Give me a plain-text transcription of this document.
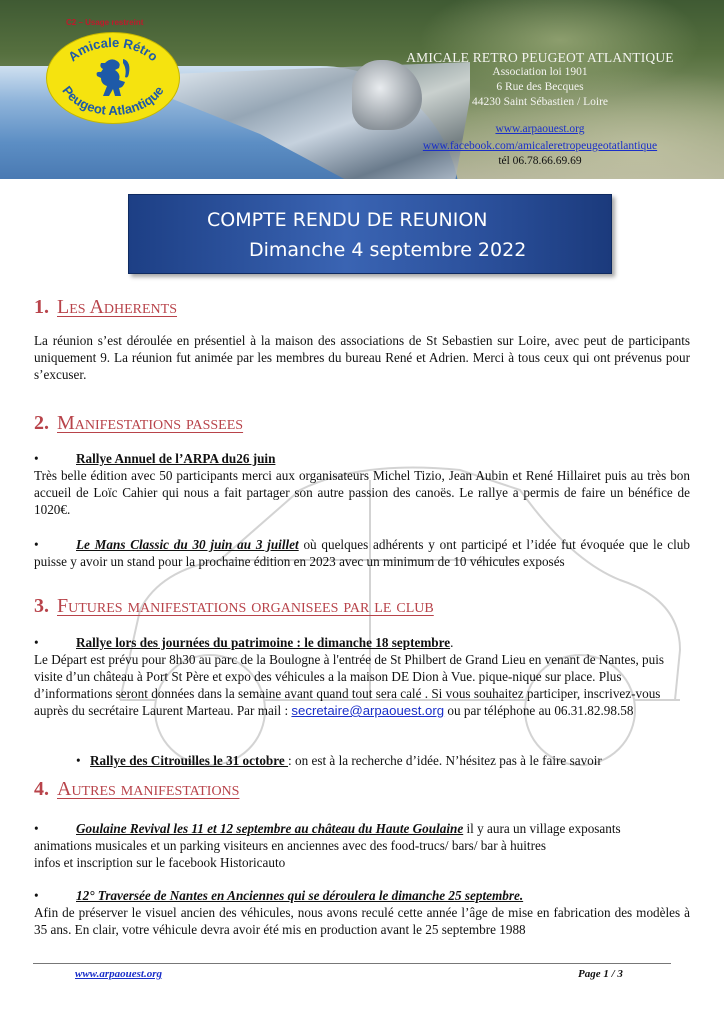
C2 – Usage restreint
Amicale Rétro
Peugeot Atlantique
AMICALE RETRO PEUGEOT ATLANTIQUE
Association loi 1901
6 Rue des Becques
44230 Saint Sébastien / Loire
www.arpaouest.org
www.facebook.com/amicaleretropeugeotatlantique
tél 06.78.66.69.69
COMPTE RENDU DE REUNION
Dimanche 4 septembre 2022
1. Les Adherents
La réunion s’est déroulée en présentiel à la maison des associations de St Sebastien sur Loire, avec peut de participants uniquement 9. La réunion fut animée par les membres du bureau René et Adrien. Merci à tous ceux qui ont prévenus pour s’excuser.
2. Manifestations passees
•	Rallye Annuel de l’ARPA du26 juin
Très belle édition avec 50 participants merci aux organisateurs Michel Tizio, Jean Aubin et René Hillairet puis au très bon accueil de Loïc Cahier qui nous a fait partager son autre passion des canoës. Le rallye a permis de faire un bénéfice de 1020€.
•	Le Mans Classic du 30 juin au 3 juillet où quelques adhérents y ont participé et l’idée fut évoquée que le club puisse y avoir un stand pour la prochaine édition en 2023 avec un minimum de 10 véhicules exposés
3. Futures manifestations organisees par le club
•	Rallye lors des journées du patrimoine : le dimanche 18 septembre.
Le Départ est prévu pour 8h30 au parc de la Boulogne à l'entrée de St Philbert de Grand Lieu en venant de Nantes, puis visite d’un château à Port St Père et expo des véhicules a la maison DE Dion à Vue. pique-nique sur place. Plus d’informations seront données dans la semaine avant quand tout sera calé . Si vous souhaitez participer, inscrivez-vous auprès du secrétaire Laurent Marteau. Par mail : secretaire@arpaouest.org ou par téléphone au 06.31.82.98.58
• Rallye des Citrouilles le 31 octobre : on est à la recherche d’idée. N’hésitez pas à le faire savoir
4. Autres manifestations
•	Goulaine Revival les 11 et 12 septembre au château du Haute Goulaine il y aura un village exposants
animations musicales et un parking visiteurs en anciennes avec des food-trucs/ bars/ bar à huitres
infos et inscription sur le facebook Historicauto
•	12° Traversée de Nantes en Anciennes qui se déroulera le dimanche 25 septembre.
Afin de préserver le visuel ancien des véhicules, nous avons reculé cette année l’âge de mise en fabrication des modèles à 35 ans. En clair, votre véhicule devra avoir été mis en production avant le 25 septembre 1988
www.arpaouest.org	Page 1 / 3
